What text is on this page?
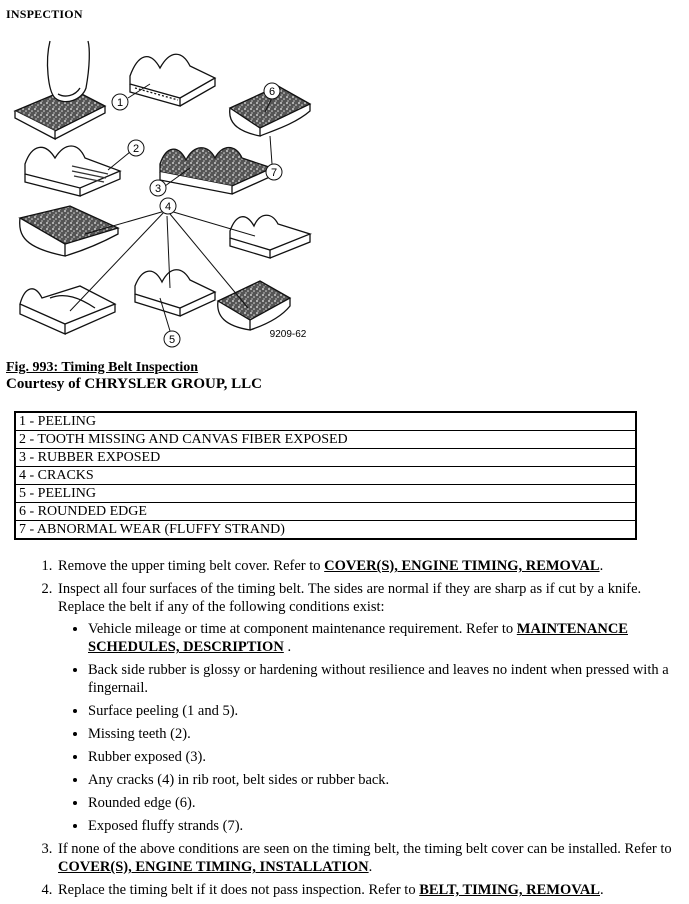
INSPECTION
1
2
3
4
5
6
7
9209-62
Fig. 993: Timing Belt Inspection
Courtesy of CHRYSLER GROUP, LLC
1 - PEELING
2 - TOOTH MISSING AND CANVAS FIBER EXPOSED
3 - RUBBER EXPOSED
4 - CRACKS
5 - PEELING
6 - ROUNDED EDGE
7 - ABNORMAL WEAR (FLUFFY STRAND)
1. Remove the upper timing belt cover. Refer to COVER(S), ENGINE TIMING, REMOVAL.
2. Inspect all four surfaces of the timing belt. The sides are normal if they are sharp as if cut by a knife. Replace the belt if any of the following conditions exist:
• Vehicle mileage or time at component maintenance requirement. Refer to MAINTENANCE SCHEDULES, DESCRIPTION .
• Back side rubber is glossy or hardening without resilience and leaves no indent when pressed with a fingernail.
• Surface peeling (1 and 5).
• Missing teeth (2).
• Rubber exposed (3).
• Any cracks (4) in rib root, belt sides or rubber back.
• Rounded edge (6).
• Exposed fluffy strands (7).
3. If none of the above conditions are seen on the timing belt, the timing belt cover can be installed. Refer to COVER(S), ENGINE TIMING, INSTALLATION.
4. Replace the timing belt if it does not pass inspection. Refer to BELT, TIMING, REMOVAL.
